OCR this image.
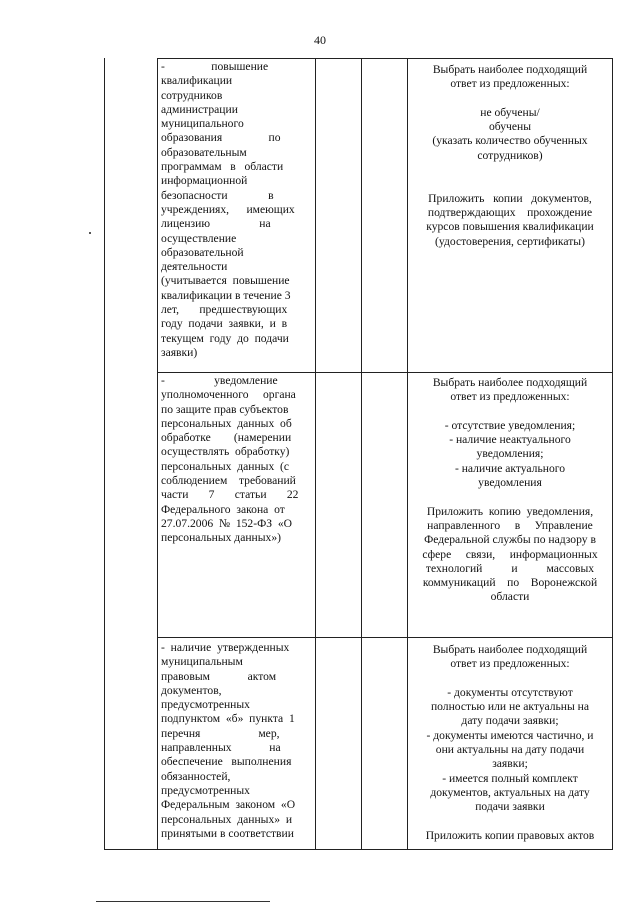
40
-                повышение
квалификации
сотрудников
администрации
муниципального
образования                по
образовательным
программам   в   области
информационной
безопасности              в
учреждениях,      имеющих
лицензию                 на
осуществление
образовательной
деятельности
(учитывается  повышение
квалификации в течение 3
лет,       предшествующих
году  подачи  заявки,  и  в
текущем  году  до  подачи
заявки)
Выбрать наиболее подходящий
ответ из предложенных:
не обучены/
обучены
(указать количество обученных
сотрудников)
Приложить   копии   документов,
подтверждающих    прохождение
курсов повышения квалификации
(удостоверения, сертификаты)
-                 уведомление
уполномоченного     органа
по защите прав субъектов
персональных  данных  об
обработке        (намерении
осуществлять  обработку)
персональных  данных  (с
соблюдением    требований
части       7       статьи       22
Федерального  закона  от
27.07.2006  №  152-ФЗ  «О
персональных данных»)
Выбрать наиболее подходящий
ответ из предложенных:
- отсутствие уведомления;
- наличие неактуального
уведомления;
- наличие актуального
уведомления
Приложить  копию  уведомления,
направленного     в     Управление
Федеральной службы по надзору в
сфере     связи,     информационных
технологий          и          массовых
коммуникаций    по    Воронежской
области
-  наличие  утвержденных
муниципальным
правовым             актом
документов,
предусмотренных
подпунктом  «б»  пункта  1
перечня                    мер,
направленных             на
обеспечение   выполнения
обязанностей,
предусмотренных
Федеральным  законом  «О
персональных  данных»  и
принятыми в соответствии
Выбрать наиболее подходящий
ответ из предложенных:
- документы отсутствуют
полностью или не актуальны на
дату подачи заявки;
- документы имеются частично, и
они актуальны на дату подачи
заявки;
- имеется полный комплект
документов, актуальных на дату
подачи заявки
Приложить копии правовых актов
